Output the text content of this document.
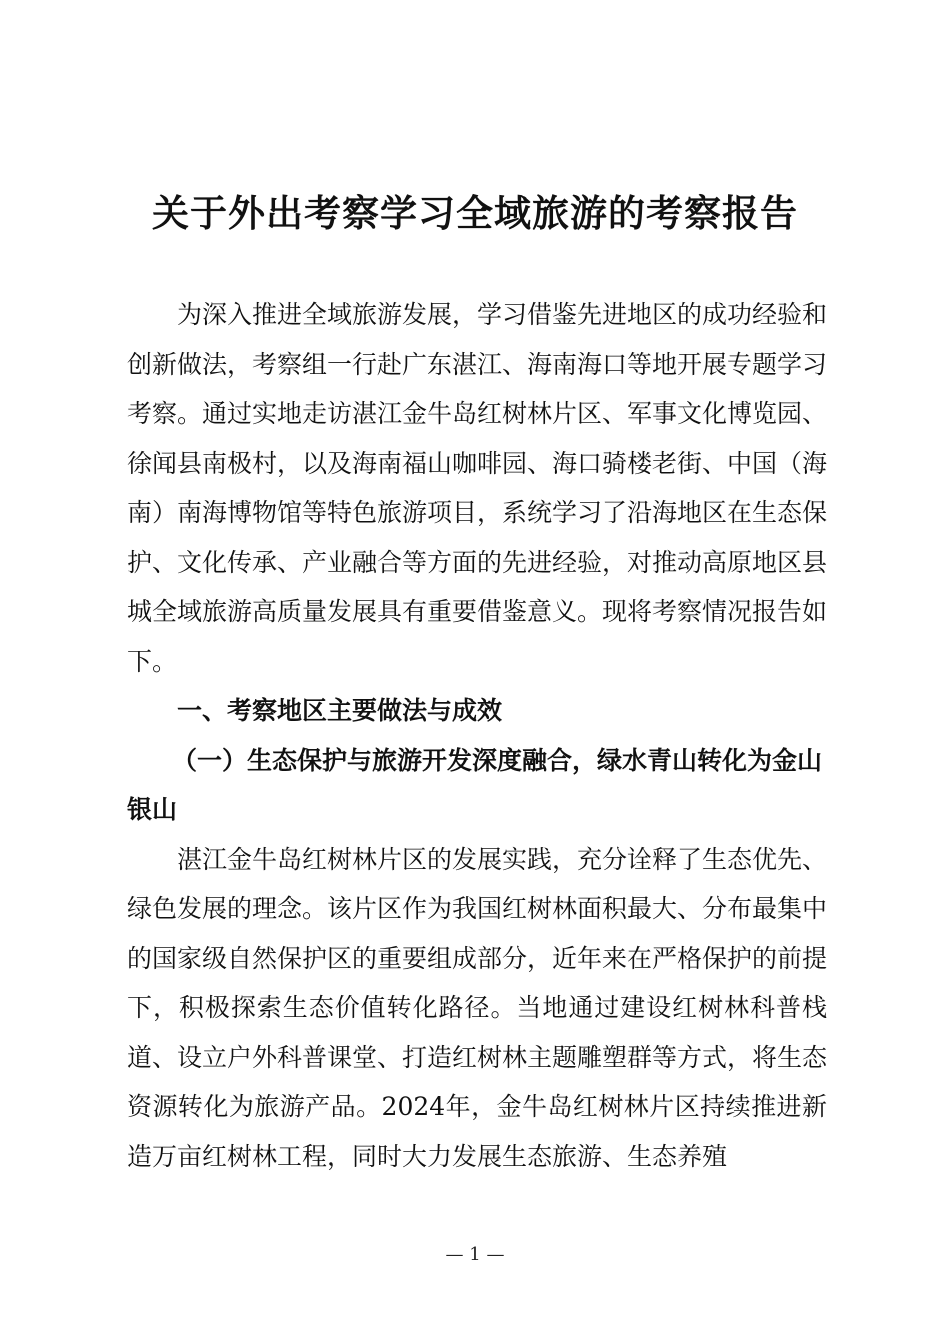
关于外出考察学习全域旅游的考察报告

为深入推进全域旅游发展，学习借鉴先进地区的成功经验和创新做法，考察组一行赴广东湛江、海南海口等地开展专题学习考察。通过实地走访湛江金牛岛红树林片区、军事文化博览园、徐闻县南极村，以及海南福山咖啡园、海口骑楼老街、中国（海南）南海博物馆等特色旅游项目，系统学习了沿海地区在生态保护、文化传承、产业融合等方面的先进经验，对推动高原地区县城全域旅游高质量发展具有重要借鉴意义。现将考察情况报告如下。

一、考察地区主要做法与成效

（一）生态保护与旅游开发深度融合，绿水青山转化为金山银山

湛江金牛岛红树林片区的发展实践，充分诠释了生态优先、绿色发展的理念。该片区作为我国红树林面积最大、分布最集中的国家级自然保护区的重要组成部分，近年来在严格保护的前提下，积极探索生态价值转化路径。当地通过建设红树林科普栈道、设立户外科普课堂、打造红树林主题雕塑群等方式，将生态资源转化为旅游产品。2024年，金牛岛红树林片区持续推进新造万亩红树林工程，同时大力发展生态旅游、生态养殖

— 1 —
